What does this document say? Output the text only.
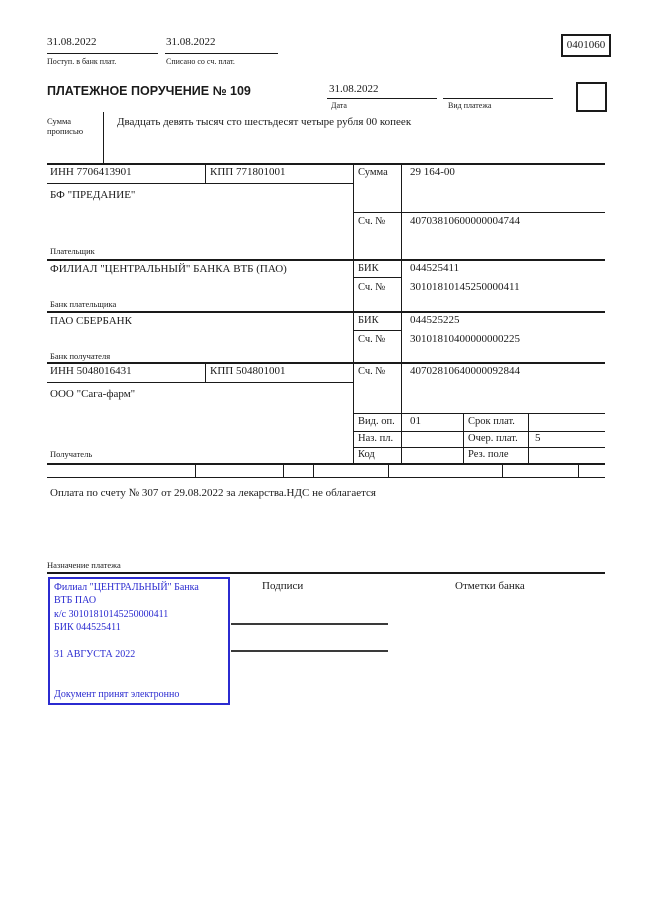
31.08.2022
Поступ. в банк плат.
31.08.2022
Списано со сч. плат.
0401060
ПЛАТЕЖНОЕ ПОРУЧЕНИЕ № 109	31.08.2022
Дата	Вид платежа
Сумма прописью
Двадцать девять тысяч сто шестьдесят четыре рубля 00 копеек
ИНН 7706413901	КПП 771801001	Сумма 29 164-00
БФ "ПРЕДАНИЕ"
Сч. № 40703810600000004744
Плательщик
ФИЛИАЛ "ЦЕНТРАЛЬНЫЙ" БАНКА ВТБ (ПАО)	БИК	044525411
Сч. № 30101810145250000411
Банк плательщика
ПАО СБЕРБАНК	БИК	044525225
Сч. № 30101810400000000225
Банк получателя
ИНН 5048016431	КПП 504801001	Сч. № 40702810640000092844
ООО "Сага-фарм"
Получатель
Вид. оп. 01	Срок плат.
Наз. пл.	Очер. плат. 5
Код	Рез. поле
Оплата по счету № 307 от 29.08.2022 за лекарства.НДС не облагается
Назначение платежа
Филиал "ЦЕНТРАЛЬНЫЙ" Банка
ВТБ ПАО
к/с 30101810145250000411
БИК 044525411
31 АВГУСТА 2022
Документ принят электронно
Подписи	Отметки банка
